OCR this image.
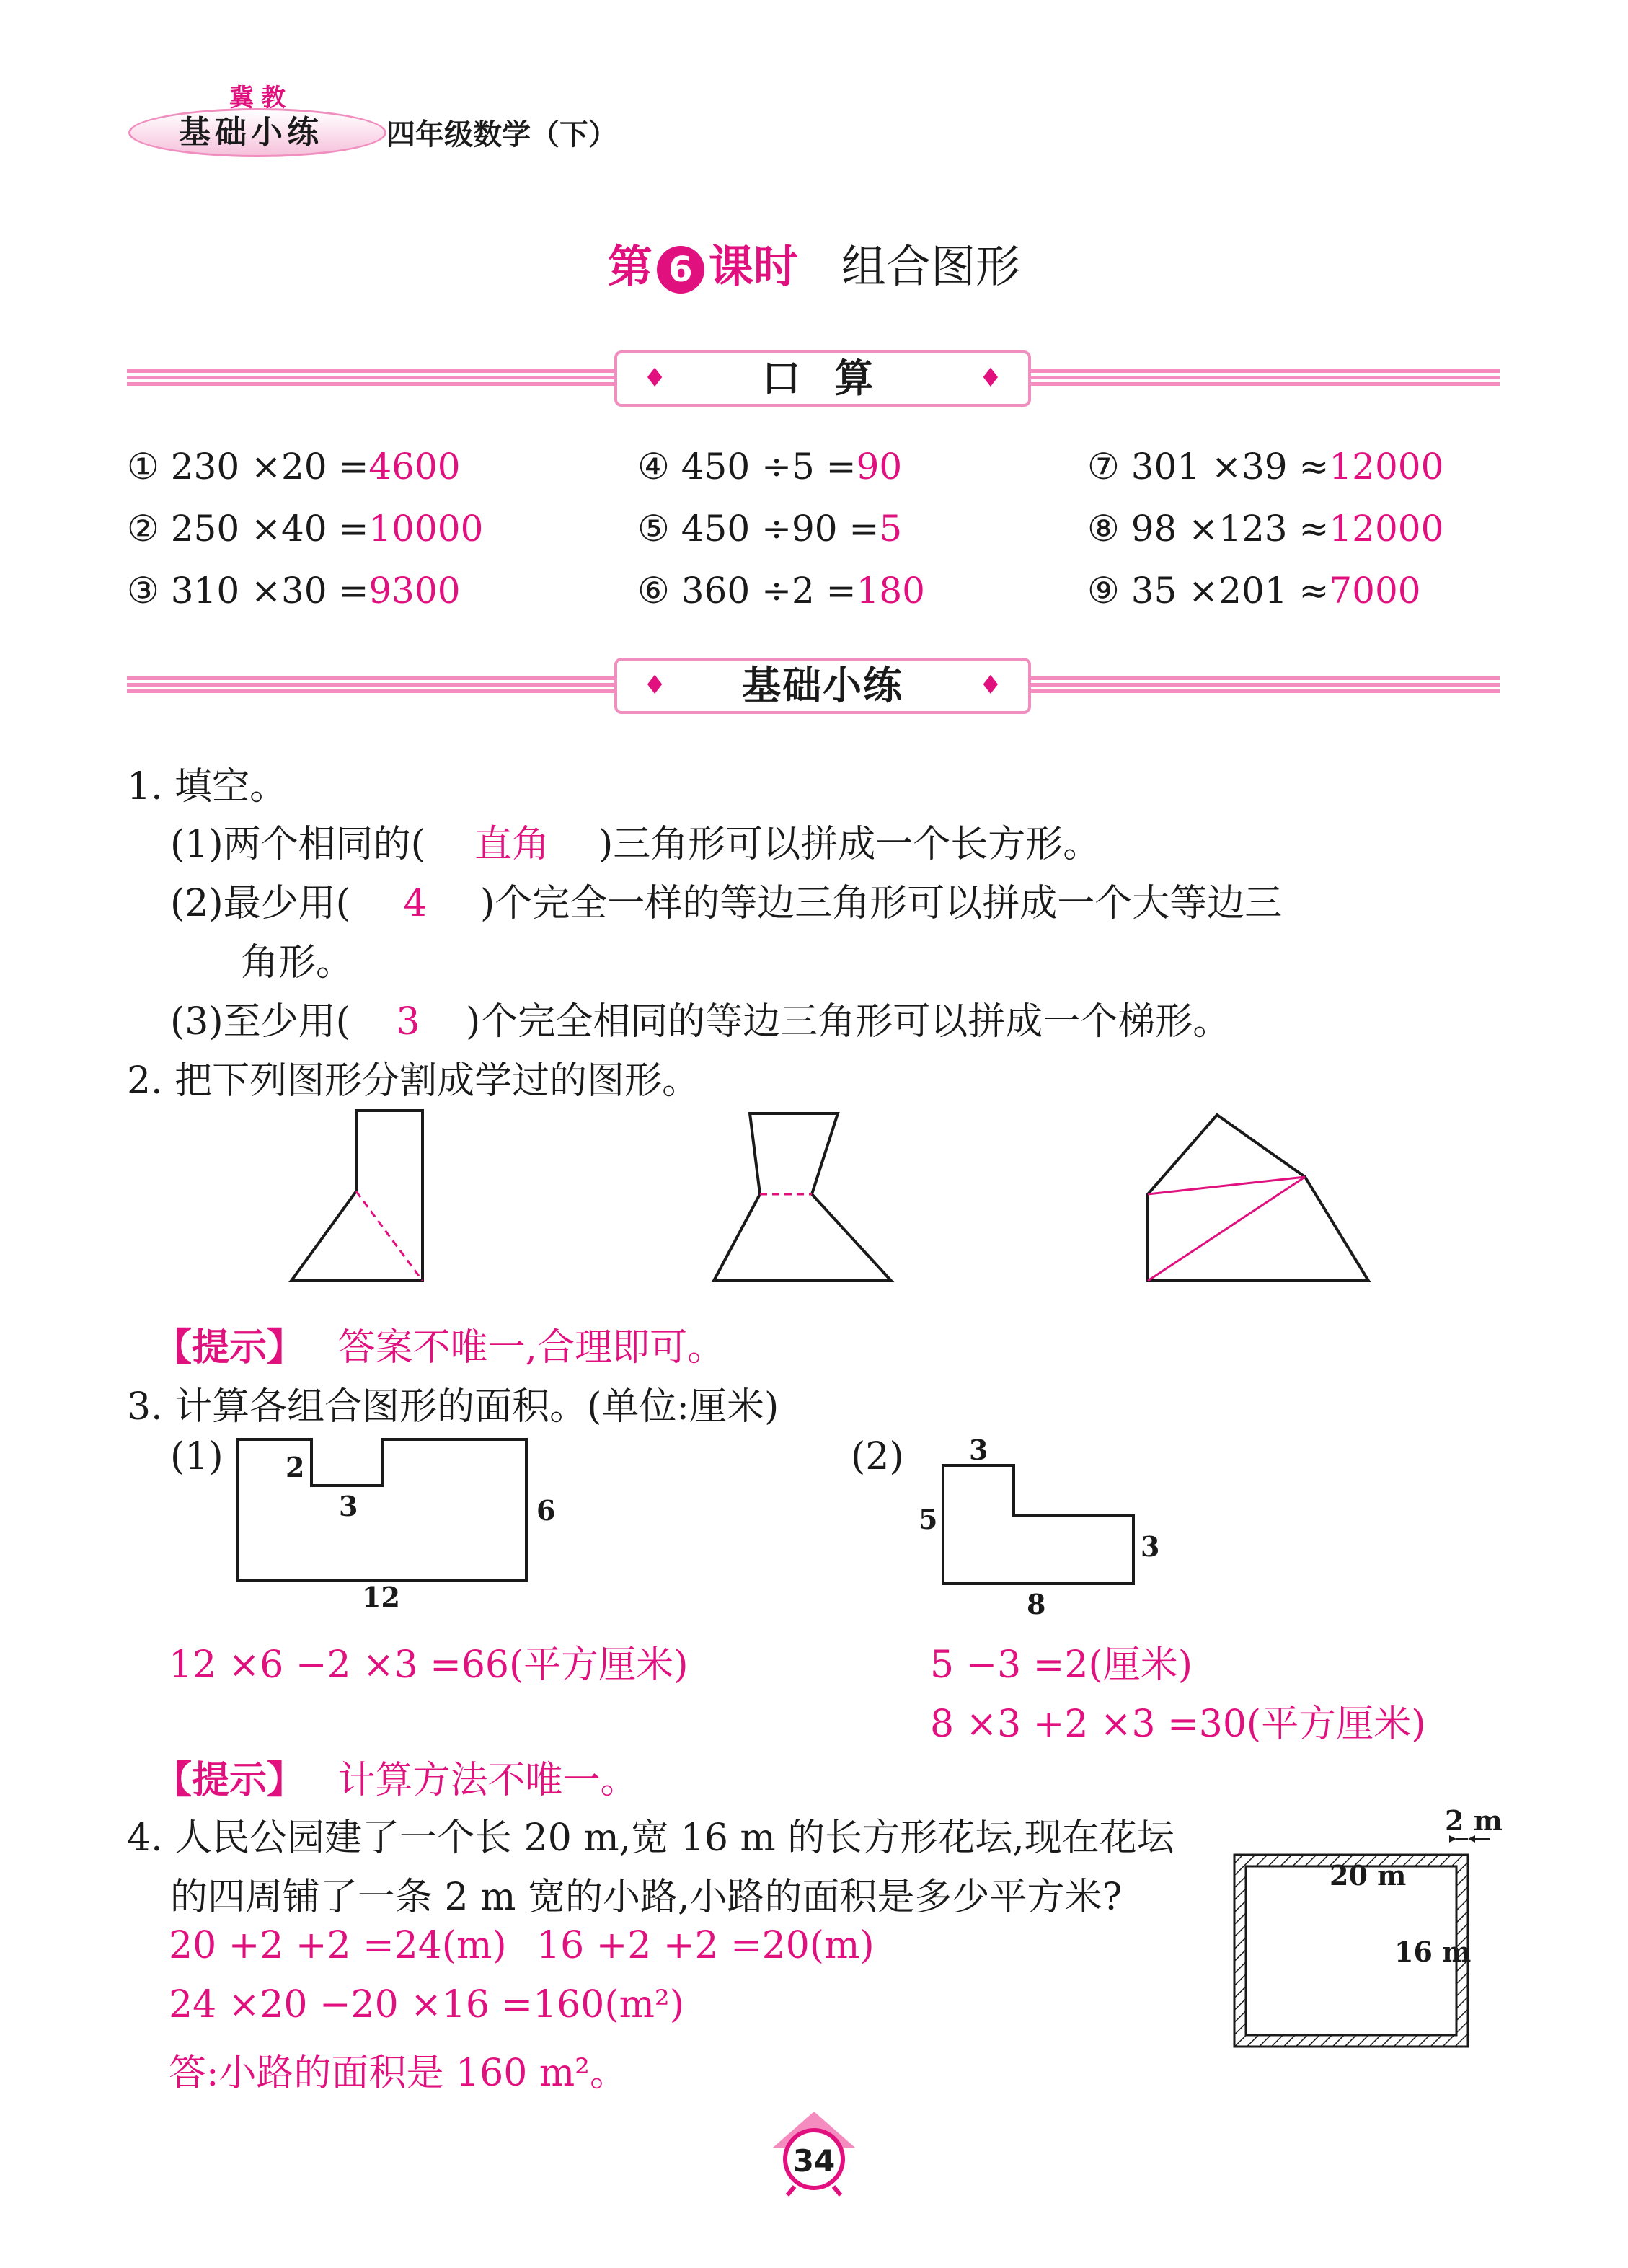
冀教
基础小练 四年级数学（下）
第 6 课时 组合图形
♦ 口 算	♦
① 230 ×20 =4600
② 250 ×40 =10000
③ 310 ×30 =9300
④ 450 ÷5 =90
⑤ 450 ÷90 =5
⑥ 360 ÷2 =180
⑦ 301 ×39 ≈12000
⑧ 98 ×123 ≈12000
⑨ 35 ×201 ≈7000
♦ 基础小练	♦
1. 填空。
(1)两个相同的( 直角 )三角形可以拼成一个长方形。
(2)最少用( 4 )个完全一样的等边三角形可以拼成一个大等边三
角形。
(3)至少用( 3 )个完全相同的等边三角形可以拼成一个梯形。
2. 把下列图形分割成学过的图形。
【提示】 答案不唯一,合理即可。
3. 计算各组合图形的面积。(单位:厘米)
(1)	(2)
2
3	6
12
3
5
3
8
12 ×6 −2 ×3 =66(平方厘米)	5 −3 =2(厘米)
8 ×3 +2 ×3 =30(平方厘米)
【提示】 计算方法不唯一。
4. 人民公园建了一个长 20 m,宽 16 m 的长方形花坛,现在花坛
的四周铺了一条 2 m 宽的小路,小路的面积是多少平方米?
20 +2 +2 =24(m) 16 +2 +2 =20(m)
24 ×20 −20 ×16 =160(m²)
答:小路的面积是 160 m²。
2 m
20 m
16 m
34
